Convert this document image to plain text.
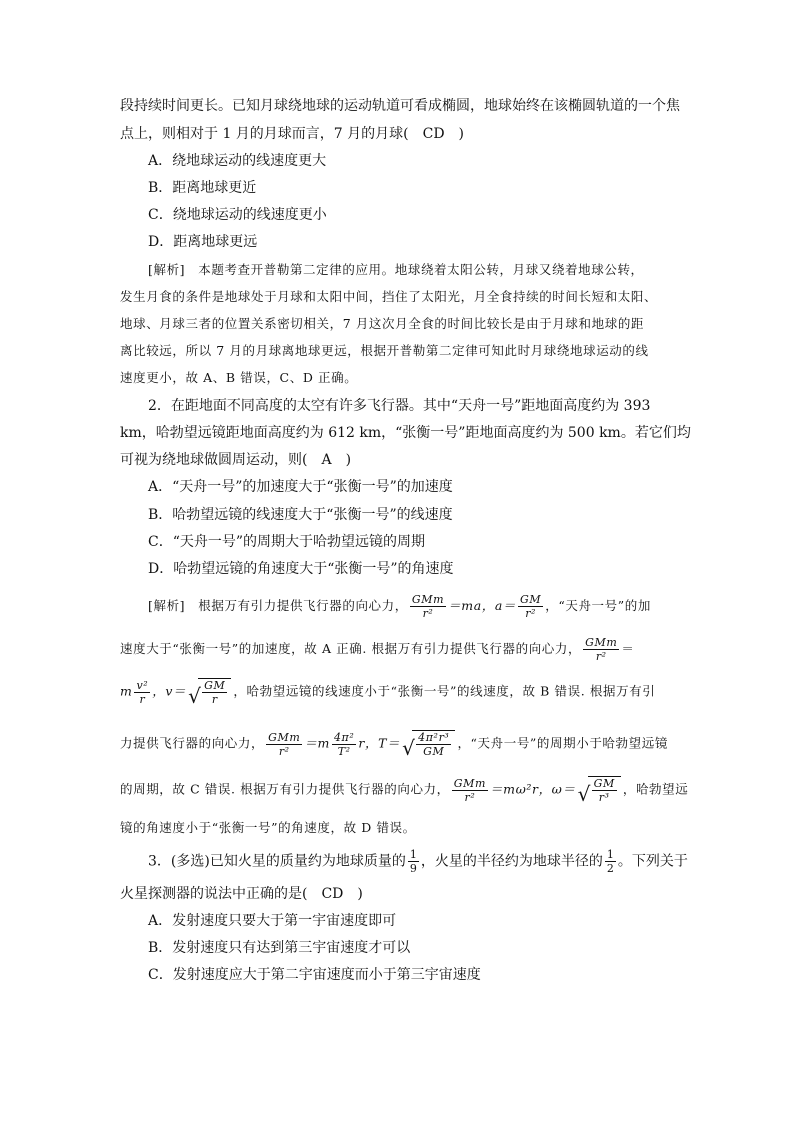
段持续时间更长。已知月球绕地球的运动轨道可看成椭圆，地球始终在该椭圆轨道的一个焦
点上，则相对于 1 月的月球而言，7 月的月球(　CD　)
A．绕地球运动的线速度更大
B．距离地球更近
C．绕地球运动的线速度更小
D．距离地球更远
[解析]　本题考查开普勒第二定律的应用。地球绕着太阳公转，月球又绕着地球公转，
发生月食的条件是地球处于月球和太阳中间，挡住了太阳光，月全食持续的时间长短和太阳、
地球、月球三者的位置关系密切相关，7 月这次月全食的时间比较长是由于月球和地球的距
离比较远，所以 7 月的月球离地球更远，根据开普勒第二定律可知此时月球绕地球运动的线
速度更小，故 A、B 错误，C、D 正确。
2．在距地面不同高度的太空有许多飞行器。其中“天舟一号”距地面高度约为 393
km，哈勃望远镜距地面高度约为 612 km，“张衡一号”距地面高度约为 500 km。若它们均
可视为绕地球做圆周运动，则(　A　)
A．“天舟一号”的加速度大于“张衡一号”的加速度
B．哈勃望远镜的线速度大于“张衡一号”的线速度
C．“天舟一号”的周期大于哈勃望远镜的周期
D．哈勃望远镜的角速度大于“张衡一号”的角速度
[解析]　根据万有引力提供飞行器的向心力， $\frac{\text{GMm}}{\text{r²}} =ma$，$a= \frac{GM}{\text{r²}}$ ，“天舟一号”的加
速度大于“张衡一号”的加速度，故 A 正确. 根据万有引力提供飞行器的向心力， $\frac{\text{GMm}}{\text{r²}}$ ＝
m $\frac{\text{v²}}{r}$ ，v＝ √ $\frac{GM}{r}$ ，哈勃望远镜的线速度小于“张衡一号”的线速度，故 B 错误. 根据万有引
力提供飞行器的向心力， $\frac{\text{GMm}}{\text{r²}} =m \frac{\text{4π²}}{\text{T²}}$ r，T＝ √ $\frac{\text{4π²r³}}{GM}$ ，“天舟一号”的周期小于哈勃望远镜
的周期，故 C 错误. 根据万有引力提供飞行器的向心力， $\frac{\text{GMm}}{\text{r²}} =m\omega^2r$，ω＝ √ $\frac{GM}{\text{r³}}$ ，哈勃望远
镜的角速度小于“张衡一号”的角速度，故 D 错误。
3．(多选)已知火星的质量约为地球质量的 $\frac{1}{9}$ ，火星的半径约为地球半径的 $\frac{1}{2}$ 。下列关于
火星探测器的说法中正确的是(　CD　)
A．发射速度只要大于第一宇宙速度即可
B．发射速度只有达到第三宇宙速度才可以
C．发射速度应大于第二宇宙速度而小于第三宇宙速度
